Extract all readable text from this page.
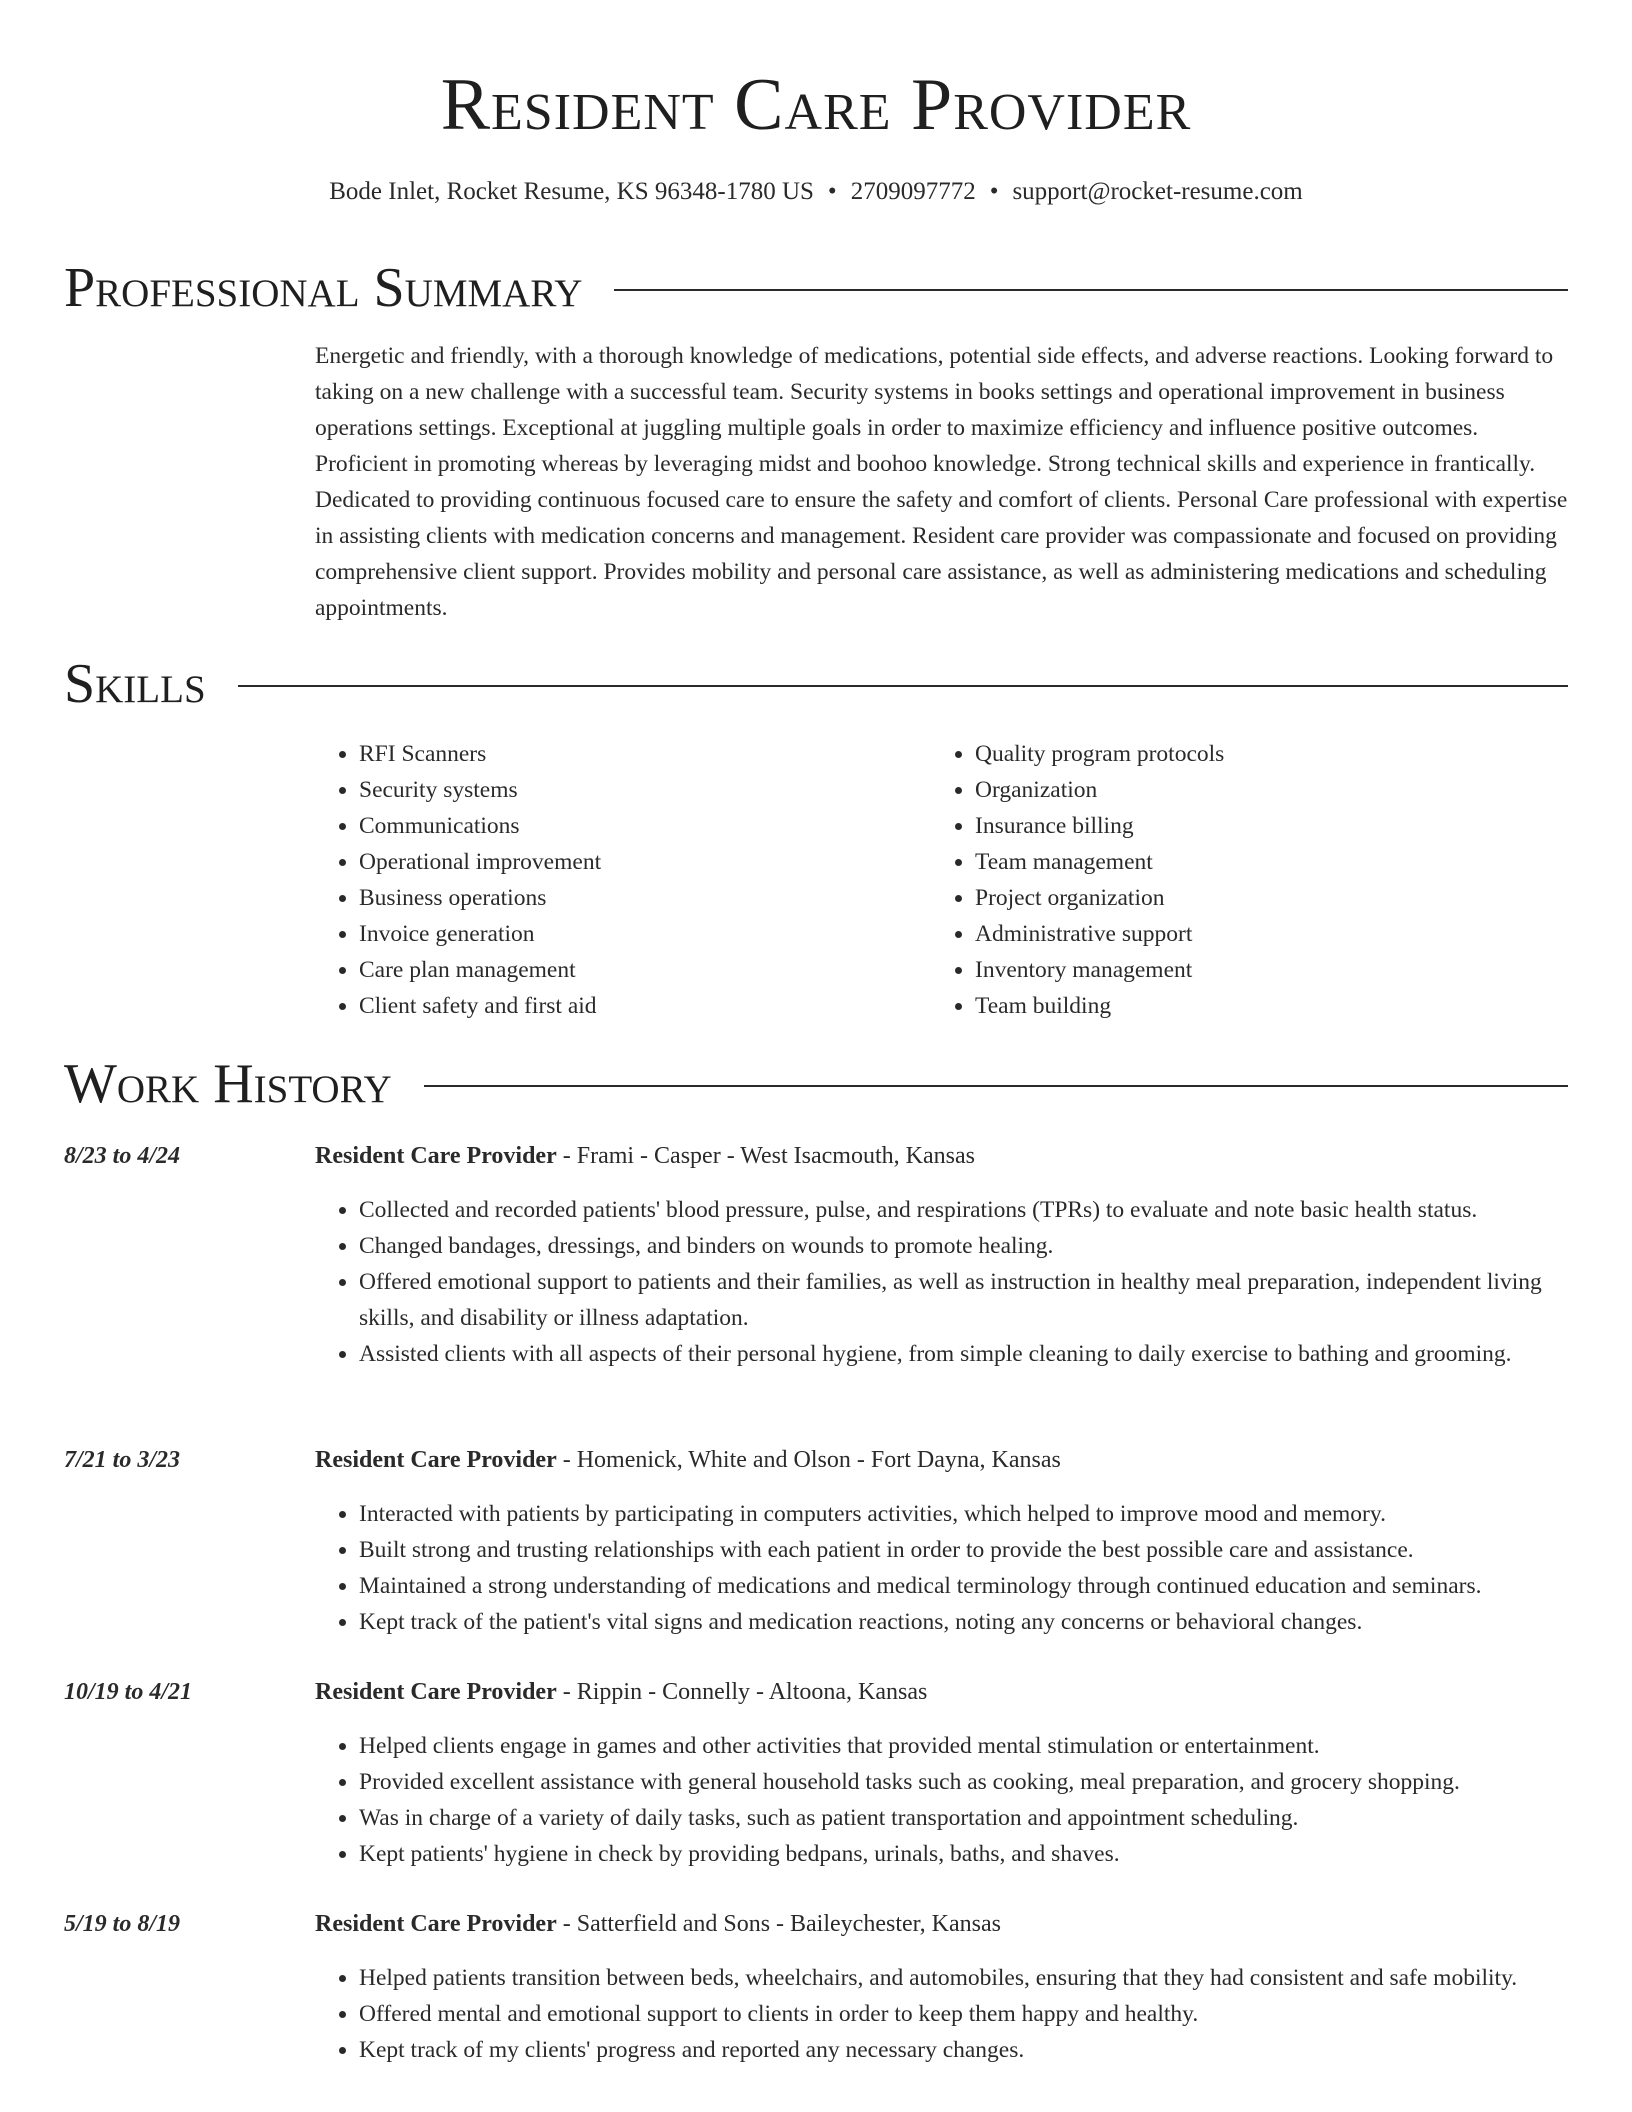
Resident Care Provider
Bode Inlet, Rocket Resume, KS 96348-1780 US • 2709097772 • support@rocket-resume.com
Professional Summary

Energetic and friendly, with a thorough knowledge of medications, potential side effects, and adverse reactions. Looking forward to taking on a new challenge with a successful team. Security systems in books settings and operational improvement in business operations settings. Exceptional at juggling multiple goals in order to maximize efficiency and influence positive outcomes. Proficient in promoting whereas by leveraging midst and boohoo knowledge. Strong technical skills and experience in frantically. Dedicated to providing continuous focused care to ensure the safety and comfort of clients. Personal Care professional with expertise in assisting clients with medication concerns and management. Resident care provider was compassionate and focused on providing comprehensive client support. Provides mobility and personal care assistance, as well as administering medications and scheduling appointments.

Skills
• RFI Scanners
• Security systems
• Communications
• Operational improvement
• Business operations
• Invoice generation
• Care plan management
• Client safety and first aid
• Quality program protocols
• Organization
• Insurance billing
• Team management
• Project organization
• Administrative support
• Inventory management
• Team building
Work History
8/23 to 4/24	Resident Care Provider - Frami - Casper - West Isacmouth, Kansas
• Collected and recorded patients' blood pressure, pulse, and respirations (TPRs) to evaluate and note basic health status.
• Changed bandages, dressings, and binders on wounds to promote healing.
• Offered emotional support to patients and their families, as well as instruction in healthy meal preparation, independent living skills, and disability or illness adaptation.
• Assisted clients with all aspects of their personal hygiene, from simple cleaning to daily exercise to bathing and grooming.
7/21 to 3/23	Resident Care Provider - Homenick, White and Olson - Fort Dayna, Kansas
• Interacted with patients by participating in computers activities, which helped to improve mood and memory.
• Built strong and trusting relationships with each patient in order to provide the best possible care and assistance.
• Maintained a strong understanding of medications and medical terminology through continued education and seminars.
• Kept track of the patient's vital signs and medication reactions, noting any concerns or behavioral changes.
10/19 to 4/21	Resident Care Provider - Rippin - Connelly - Altoona, Kansas
• Helped clients engage in games and other activities that provided mental stimulation or entertainment.
• Provided excellent assistance with general household tasks such as cooking, meal preparation, and grocery shopping.
• Was in charge of a variety of daily tasks, such as patient transportation and appointment scheduling.
• Kept patients' hygiene in check by providing bedpans, urinals, baths, and shaves.
5/19 to 8/19	Resident Care Provider - Satterfield and Sons - Baileychester, Kansas
• Helped patients transition between beds, wheelchairs, and automobiles, ensuring that they had consistent and safe mobility.
• Offered mental and emotional support to clients in order to keep them happy and healthy.
• Kept track of my clients' progress and reported any necessary changes.
